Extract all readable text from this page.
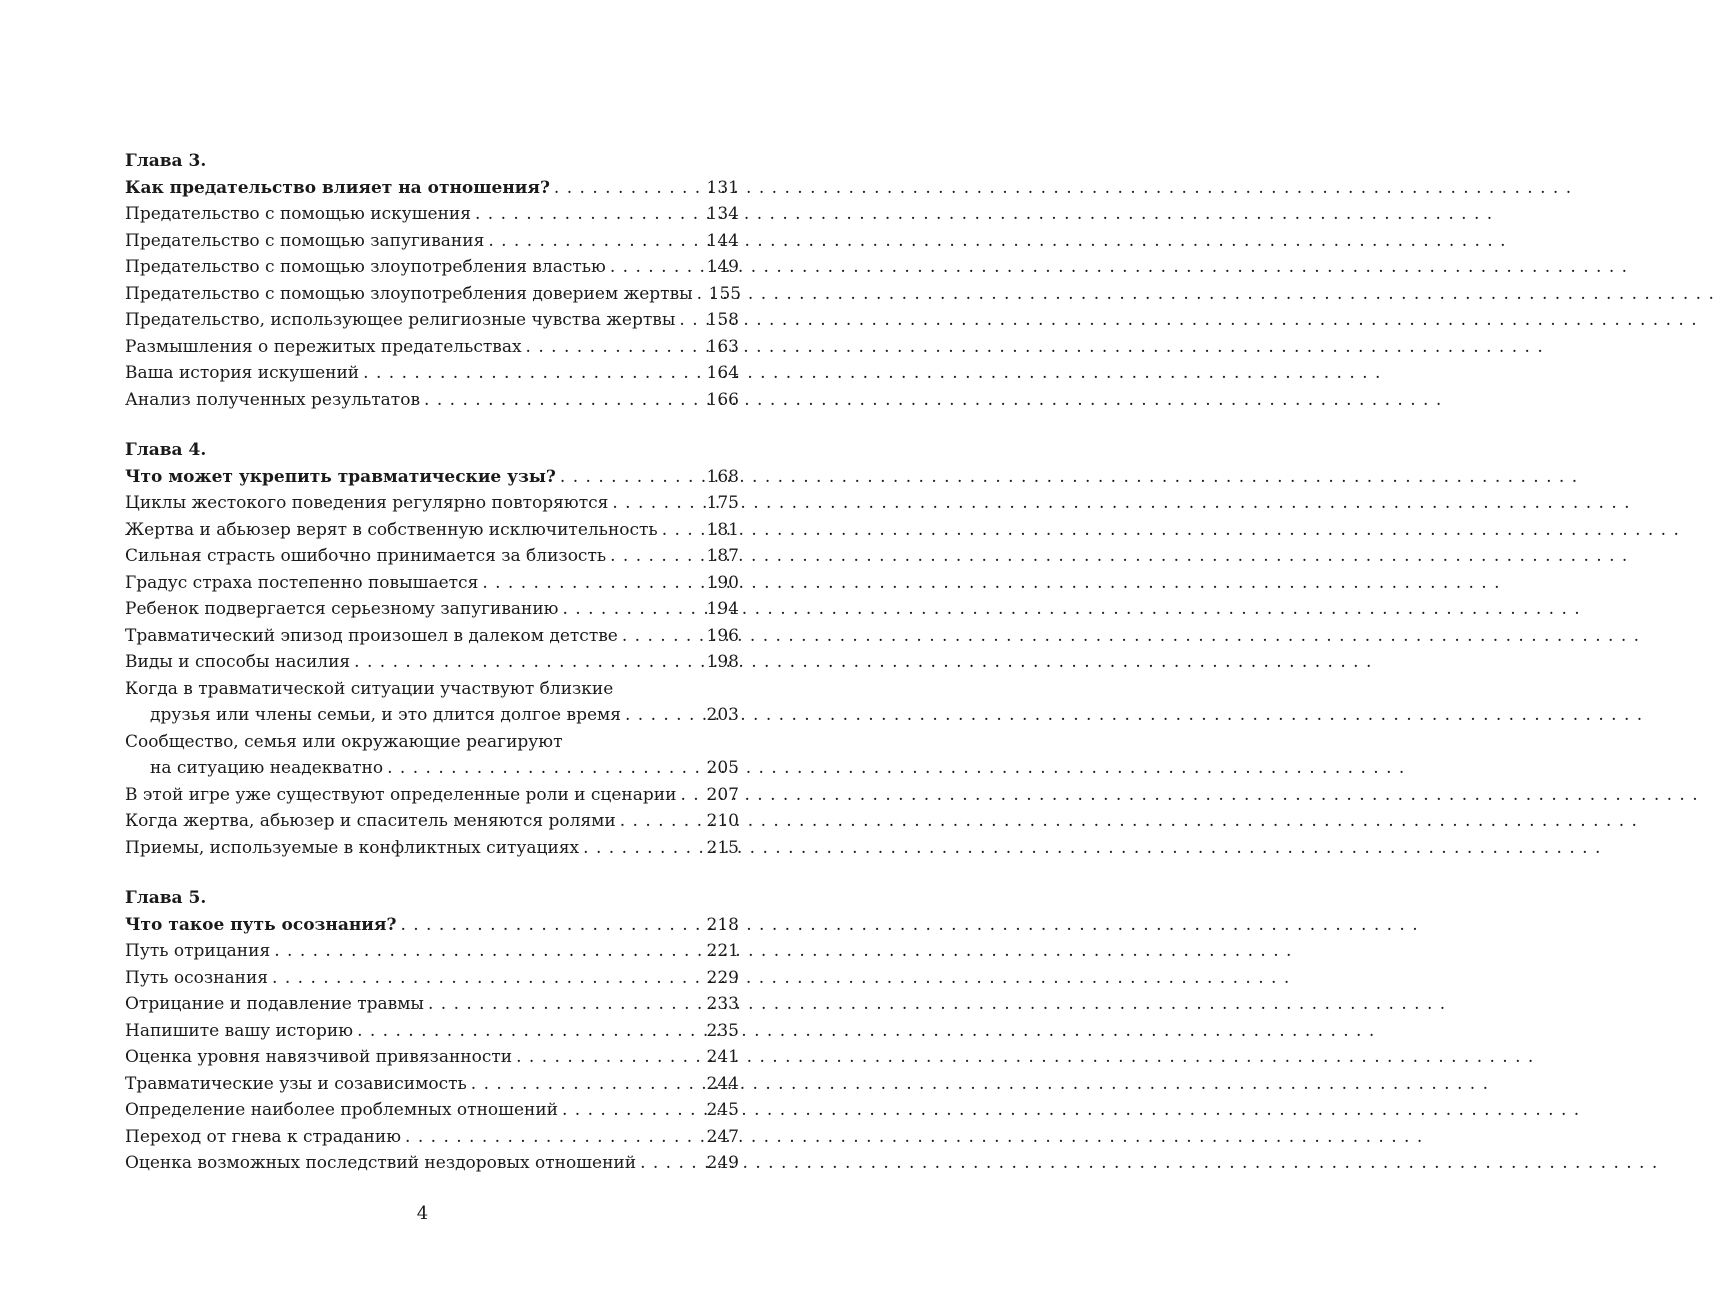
Глава 3.
Как предательство влияет на отношения? . . .	131
Предательство с помощью искушения . . .	134
Предательство с помощью запугивания . . .	144
Предательство с помощью злоупотребления властью . . .	149
Предательство с помощью злоупотребления доверием жертвы . . . 155
Предательство, использующее религиозные чувства жертвы . . . 158
Размышления о пережитых предательствах . . .	163
Ваша история искушений . . .	164
Анализ полученных результатов . . .	166
Глава 4.
Что может укрепить травматические узы? . . .	168
Циклы жестокого поведения регулярно повторяются . . .	175
Жертва и абьюзер верят в собственную исключительность . . .	181
Сильная страсть ошибочно принимается за близость . . .	187
Градус страха постепенно повышается . . .	190
Ребенок подвергается серьезному запугиванию . . .	194
Травматический эпизод произошел в далеком детстве . . .	196
Виды и способы насилия . . .	198
Когда в травматической ситуации участвуют близкие
друзья или члены семьи, и это длится долгое время . . .	203
Сообщество, семья или окружающие реагируют
на ситуацию неадекватно . . .	205
В этой игре уже существуют определенные роли и сценарии . . . 207
Когда жертва, абьюзер и спаситель меняются ролями . . .	210
Приемы, используемые в конфликтных ситуациях . . .	215
Глава 5.
Что такое путь осознания? . . .	218
Путь отрицания . . .	221
Путь осознания . . .	229
Отрицание и подавление травмы . . .	233
Напишите вашу историю . . .	235
Оценка уровня навязчивой привязанности . . .	241
Травматические узы и созависимость . . .	244
Определение наиболее проблемных отношений . . .	245
Переход от гнева к страданию . . .	247
Оценка возможных последствий нездоровых отношений . . .	249
4
